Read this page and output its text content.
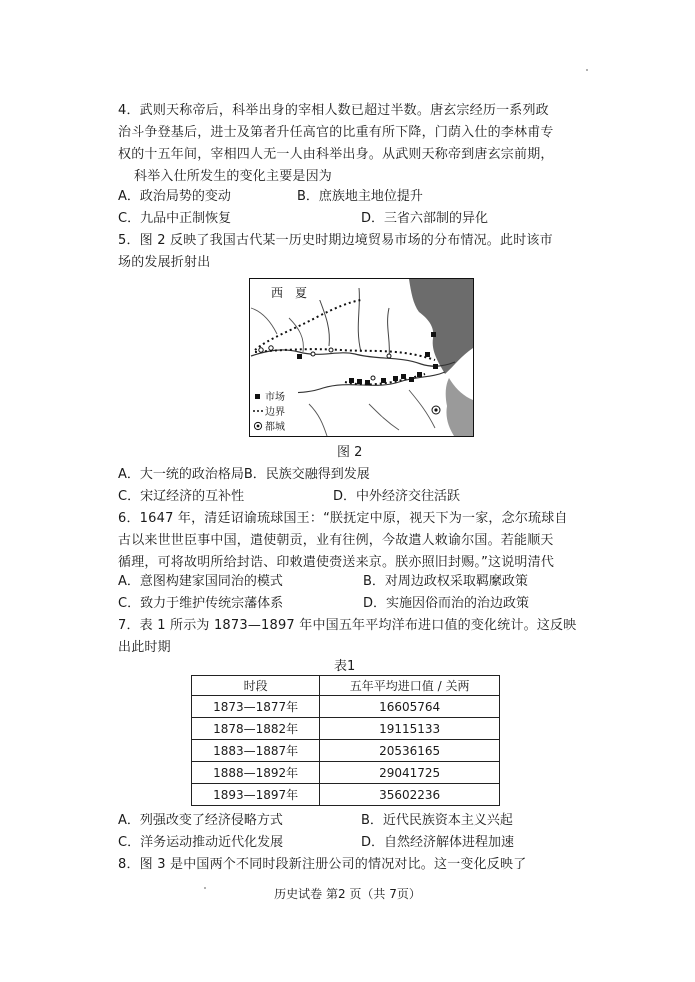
4．武则天称帝后，科举出身的宰相人数已超过半数。唐玄宗经历一系列政
治斗争登基后，进士及第者升任高官的比重有所下降，门荫入仕的李林甫专
权的十五年间，宰相四人无一人由科举出身。从武则天称帝到唐玄宗前期，
科举入仕所发生的变化主要是因为
A．政治局势的变动	B．庶族地主地位提升
C．九品中正制恢复	D．三省六部制的异化
5．图 2 反映了我国古代某一历史时期边境贸易市场的分布情况。此时该市
场的发展折射出
西　夏
市场
边界
都城
图 2
A．大一统的政治格局B．民族交融得到发展
C．宋辽经济的互补性	D．中外经济交往活跃
6．1647 年，清廷诏谕琉球国王：“朕抚定中原，视天下为一家，念尔琉球自
古以来世世臣事中国，遣使朝贡，业有往例，今故遣人敕谕尔国。若能顺天
循理，可将故明所给封诰、印敕遣使赍送来京。朕亦照旧封赐。”这说明清代
A．意图构建家国同治的模式	B．对周边政权采取羁縻政策
C．致力于维护传统宗藩体系	D．实施因俗而治的治边政策
7．表 1 所示为 1873—1897 年中国五年平均洋布进口值的变化统计。这反映
出此时期
表1
时段	五年平均进口值 / 关两
1873—1877年	16605764
1878—1882年	19115133
1883—1887年	20536165
1888—1892年	29041725
1893—1897年	35602236
A．列强改变了经济侵略方式	B．近代民族资本主义兴起
C．洋务运动推动近代化发展	D．自然经济解体进程加速
8．图 3 是中国两个不同时段新注册公司的情况对比。这一变化反映了
历史试卷 第2 页（共 7页）
